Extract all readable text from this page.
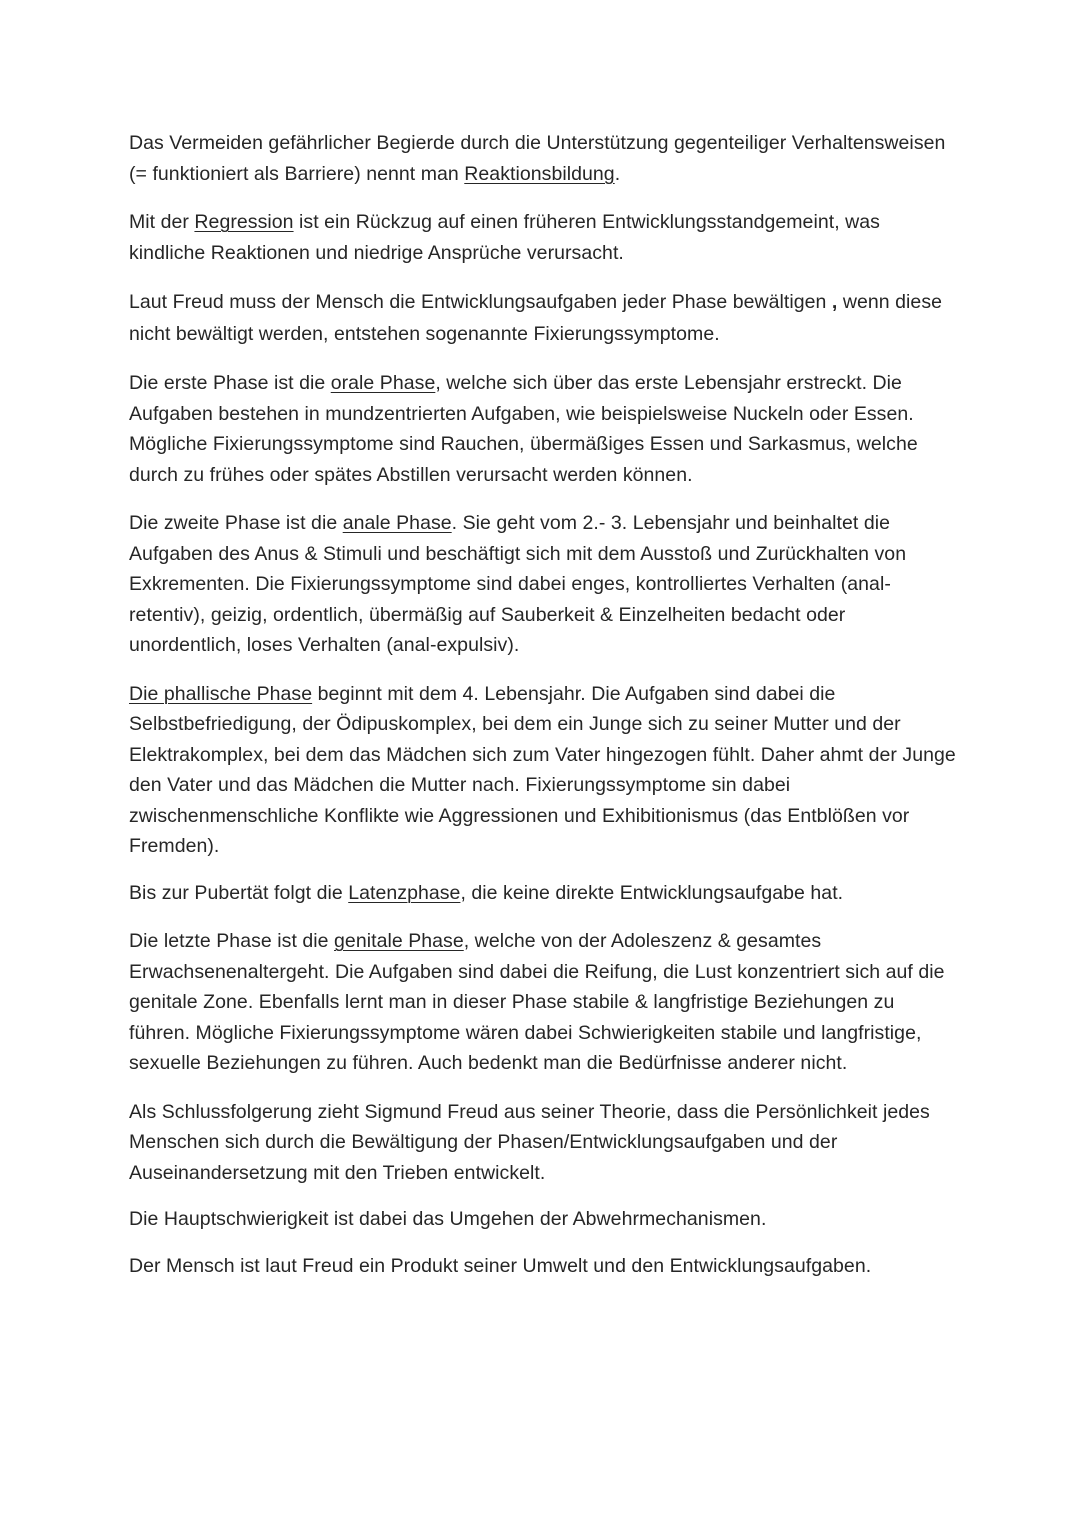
Das Vermeiden gefährlicher Begierde durch die Unterstützung gegenteiliger Verhaltensweisen (= funktioniert als Barriere) nennt man Reaktionsbildung.

Mit der Regression ist ein Rückzug auf einen früheren Entwicklungsstandgemeint, was kindliche Reaktionen und niedrige Ansprüche verursacht.

Laut Freud muss der Mensch die Entwicklungsaufgaben jeder Phase bewältigen , wenn diese nicht bewältigt werden, entstehen sogenannte Fixierungssymptome.

Die erste Phase ist die orale Phase, welche sich über das erste Lebensjahr erstreckt. Die Aufgaben bestehen in mundzentrierten Aufgaben, wie beispielsweise Nuckeln oder Essen. Mögliche Fixierungssymptome sind Rauchen, übermäßiges Essen und Sarkasmus, welche durch zu frühes oder spätes Abstillen verursacht werden können.

Die zweite Phase ist die anale Phase. Sie geht vom 2.- 3. Lebensjahr und beinhaltet die Aufgaben des Anus & Stimuli und beschäftigt sich mit dem Ausstoß und Zurückhalten von Exkrementen. Die Fixierungssymptome sind dabei enges, kontrolliertes Verhalten (anal-retentiv), geizig, ordentlich, übermäßig auf Sauberkeit & Einzelheiten bedacht oder unordentlich, loses Verhalten (anal-expulsiv).

Die phallische Phase beginnt mit dem 4. Lebensjahr. Die Aufgaben sind dabei die Selbstbefriedigung, der Ödipuskomplex, bei dem ein Junge sich zu seiner Mutter und der Elektrakomplex, bei dem das Mädchen sich zum Vater hingezogen fühlt. Daher ahmt der Junge den Vater und das Mädchen die Mutter nach. Fixierungssymptome sin dabei zwischenmenschliche Konflikte wie Aggressionen und Exhibitionismus (das Entblößen vor Fremden).

Bis zur Pubertät folgt die Latenzphase, die keine direkte Entwicklungsaufgabe hat.

Die letzte Phase ist die genitale Phase, welche von der Adoleszenz & gesamtes Erwachsenenaltergeht. Die Aufgaben sind dabei die Reifung, die Lust konzentriert sich auf die genitale Zone. Ebenfalls lernt man in dieser Phase stabile & langfristige Beziehungen zu führen. Mögliche Fixierungssymptome wären dabei Schwierigkeiten stabile und langfristige, sexuelle Beziehungen zu führen. Auch bedenkt man die Bedürfnisse anderer nicht.

Als Schlussfolgerung zieht Sigmund Freud aus seiner Theorie, dass die Persönlichkeit jedes Menschen sich durch die Bewältigung der Phasen/Entwicklungsaufgaben und der Auseinandersetzung mit den Trieben entwickelt.

Die Hauptschwierigkeit ist dabei das Umgehen der Abwehrmechanismen.

Der Mensch ist laut Freud ein Produkt seiner Umwelt und den Entwicklungsaufgaben.
